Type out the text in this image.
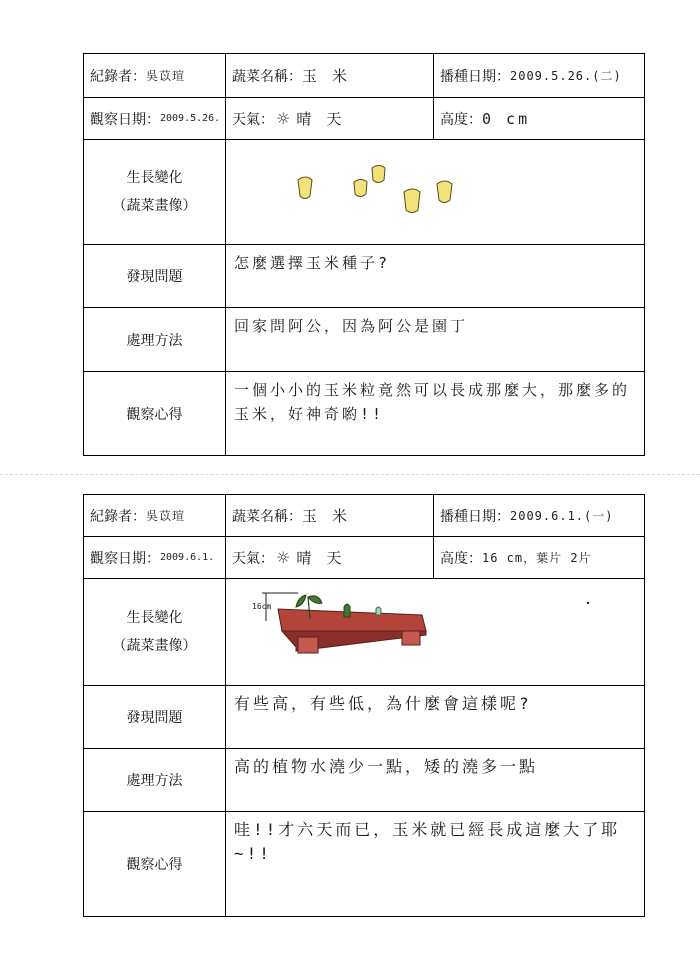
紀錄者： 吳苡瑄	蔬菜名稱： 玉 米	播種日期： 2009.5.26.(二)
觀察日期： 2009.5.26. 天氣： ☼ 晴 天	高度： 0 cm
生長變化
（蔬菜畫像）
發現問題
怎麼選擇玉米種子?
處理方法
回家問阿公，因為阿公是園丁
觀察心得
一個小小的玉米粒竟然可以長成那麼大，那麼多的玉米，好神奇喲!!
紀錄者： 吳苡瑄	蔬菜名稱： 玉 米	播種日期： 2009.6.1.(一)
觀察日期： 2009.6.1. 天氣： ☼ 晴 天	高度： 16 cm，葉片 2片
生長變化
（蔬菜畫像）
16cm
發現問題
有些高，有些低，為什麼會這樣呢?
處理方法
高的植物水澆少一點，矮的澆多一點
觀察心得
哇!!才六天而已，玉米就已經長成這麼大了耶~!!
